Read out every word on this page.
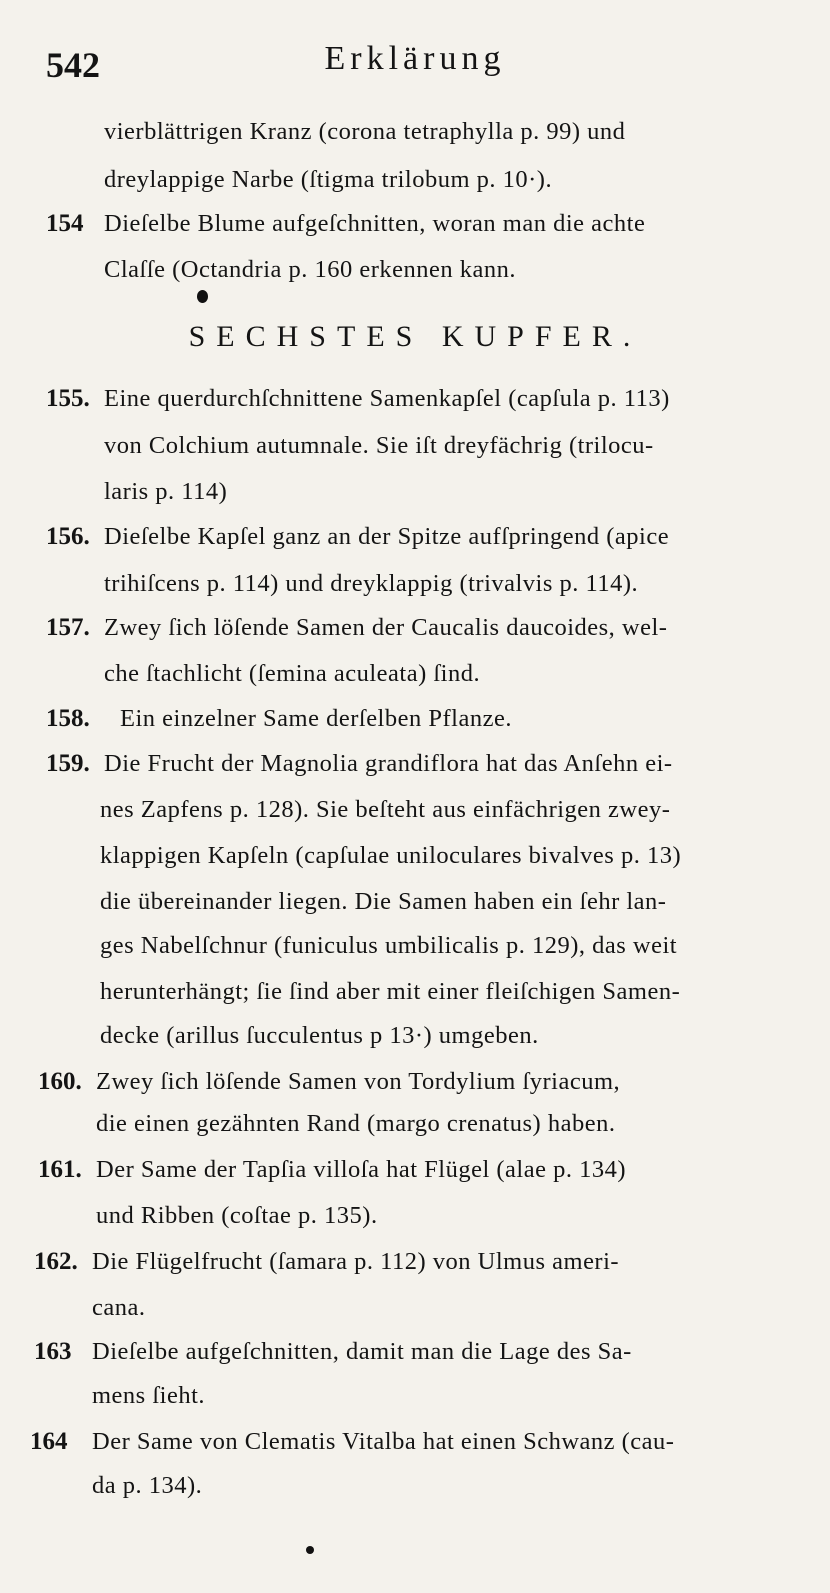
542	Erklärung
vierblättrigen Kranz (corona tetraphylla p. 99) und
dreylappige Narbe (ſtigma trilobum p. 10·).
154 Dieſelbe Blume aufgeſchnitten, woran man die achte
Claſſe (Octandria p. 160 erkennen kann.
SECHSTES KUPFER.
155. Eine querdurchſchnittene Samenkapſel (capſula p. 113)
von Colchium autumnale. Sie iſt dreyfächrig (trilocu-
laris p. 114)
156. Dieſelbe Kapſel ganz an der Spitze aufſpringend (apice
trihiſcens p. 114) und dreyklappig (trivalvis p. 114).
157. Zwey ſich löſende Samen der Caucalis daucoides, wel-
che ſtachlicht (ſemina aculeata) ſind.
158. Ein einzelner Same derſelben Pflanze.
159. Die Frucht der Magnolia grandiflora hat das Anſehn ei-
nes Zapfens p. 128). Sie beſteht aus einfächrigen zwey-
klappigen Kapſeln (capſulae uniloculares bivalves p. 13)
die übereinander liegen. Die Samen haben ein ſehr lan-
ges Nabelſchnur (funiculus umbilicalis p. 129), das weit
herunterhängt; ſie ſind aber mit einer fleiſchigen Samen-
decke (arillus ſucculentus p 13·) umgeben.
160. Zwey ſich löſende Samen von Tordylium ſyriacum,
die einen gezähnten Rand (margo crenatus) haben.
161. Der Same der Tapſia villoſa hat Flügel (alae p. 134)
und Ribben (coſtae p. 135).
162. Die Flügelfrucht (ſamara p. 112) von Ulmus ameri-
cana.
163 Dieſelbe aufgeſchnitten, damit man die Lage des Sa-
mens ſieht.
164 Der Same von Clematis Vitalba hat einen Schwanz (cau-
da p. 134).
